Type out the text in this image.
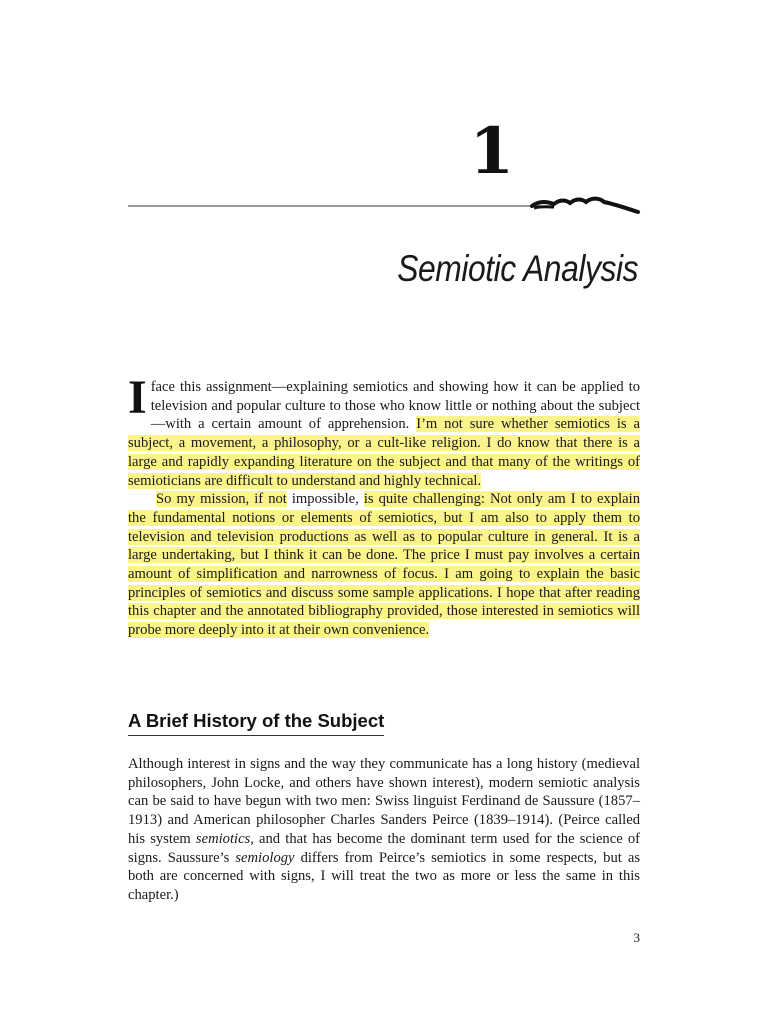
1
Semiotic Analysis

Iface this assignment—explaining semiotics and showing how it can be applied to television and popular culture to those who know little or nothing about the subject—with a certain amount of apprehension. I’m not sure whether semiotics is a subject, a movement, a philosophy, or a cult-like religion. I do know that there is a large and rapidly expanding literature on the subject and that many of the writings of semioticians are difficult to understand and highly technical.

So my mission, if not impossible, is quite challenging: Not only am I to explain the fundamental notions or elements of semiotics, but I am also to apply them to television and television productions as well as to popular culture in general. It is a large undertaking, but I think it can be done. The price I must pay involves a certain amount of simplification and narrowness of focus. I am going to explain the basic principles of semiotics and discuss some sample applications. I hope that after reading this chapter and the annotated bibliography provided, those interested in semiotics will probe more deeply into it at their own convenience.

A Brief History of the Subject

Although interest in signs and the way they communicate has a long history (medieval philosophers, John Locke, and others have shown interest), modern semiotic analysis can be said to have begun with two men: Swiss linguist Ferdinand de Saussure (1857–1913) and American philosopher Charles Sanders Peirce (1839–1914). (Peirce called his system semiotics, and that has become the dominant term used for the science of signs. Saussure’s semiology differs from Peirce’s semiotics in some respects, but as both are concerned with signs, I will treat the two as more or less the same in this chapter.)

3
